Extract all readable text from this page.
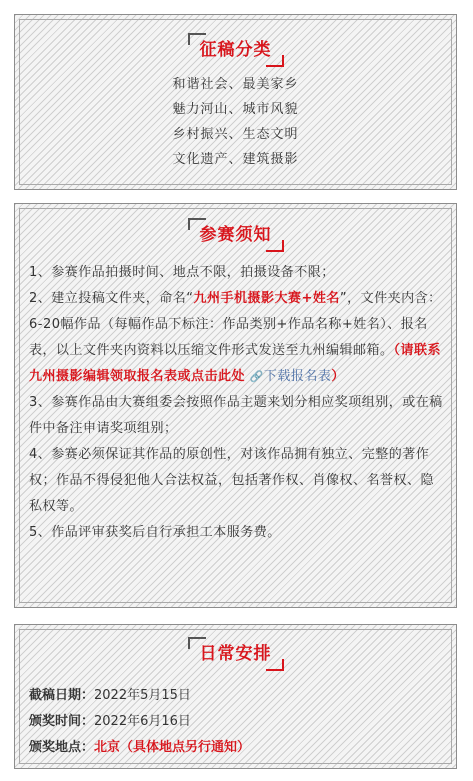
征稿分类
和谐社会、最美家乡
魅力河山、城市风貌
乡村振兴、生态文明
文化遗产、建筑摄影
参赛须知

1、参赛作品拍摄时间、地点不限，拍摄设备不限；

2、建立投稿文件夹，命名“九州手机摄影大赛+姓名”，文件夹内含：6-20幅作品（每幅作品下标注：作品类别+作品名称+姓名）、报名表，以上文件夹内资料以压缩文件形式发送至九州编辑邮箱。（请联系九州摄影编辑领取报名表或点击此处 🔗下载报名表）

3、参赛作品由大赛组委会按照作品主题来划分相应奖项组别，或在稿件中备注申请奖项组别；

4、参赛必须保证其作品的原创性，对该作品拥有独立、完整的著作权；作品不得侵犯他人合法权益，包括著作权、肖像权、名誉权、隐私权等。

5、作品评审获奖后自行承担工本服务费。

日常安排

截稿日期：2022年5月15日

颁奖时间：2022年6月16日

颁奖地点：北京（具体地点另行通知）
